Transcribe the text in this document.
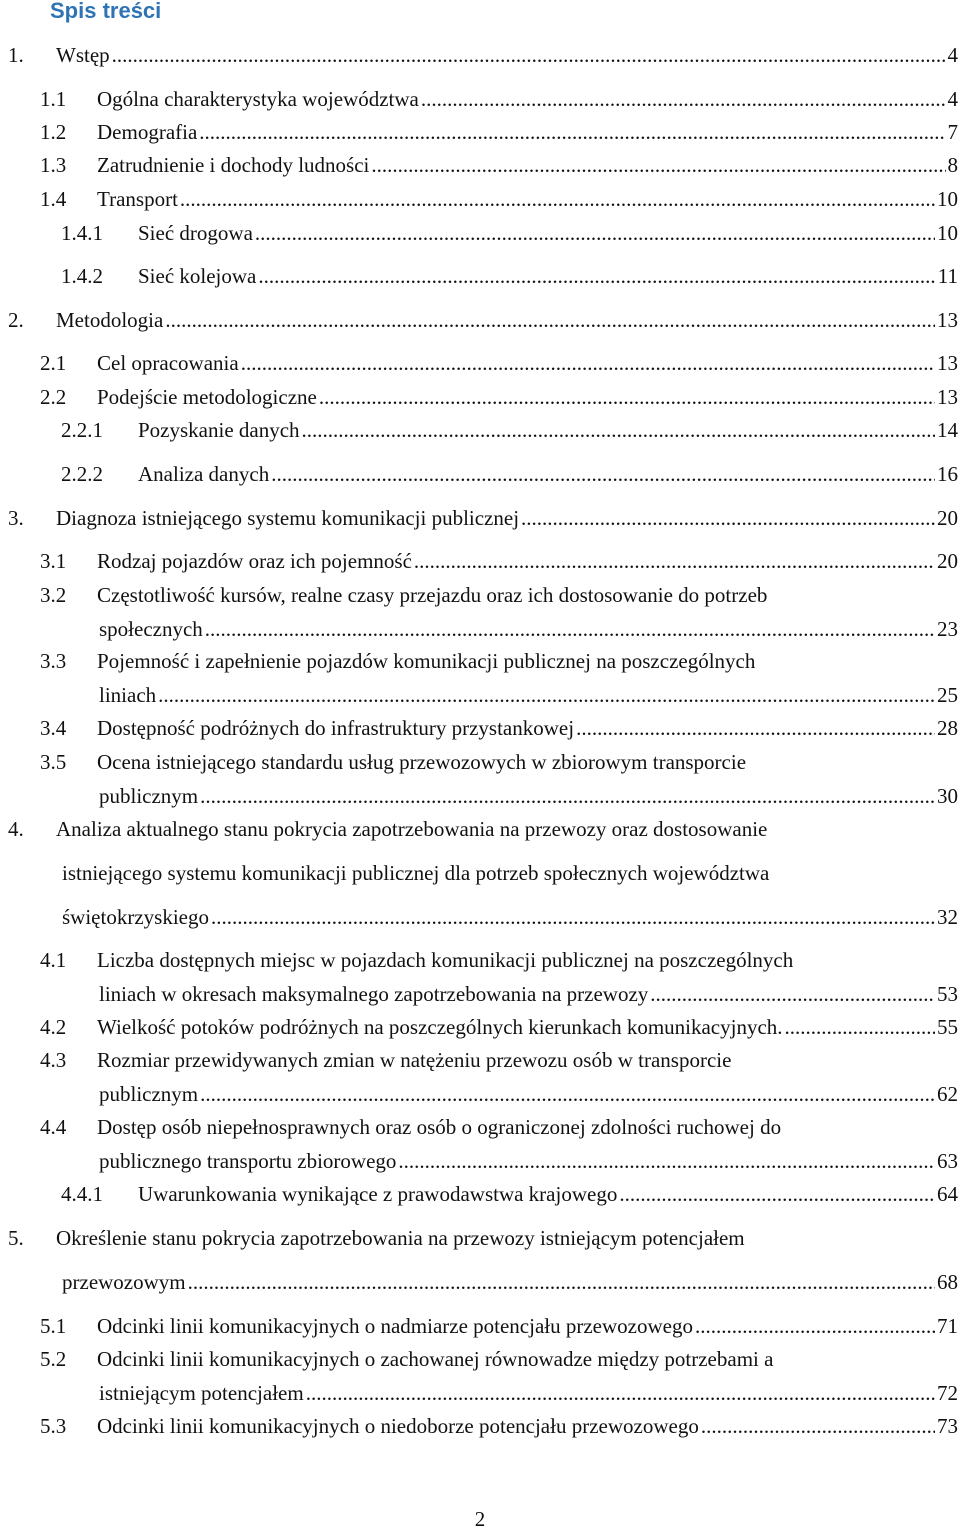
Spis treści
1. Wstęp .....	4
1.1 Ogólna charakterystyka województwa .....	4
1.2 Demografia .....	7
1.3 Zatrudnienie i dochody ludności .....	8
1.4 Transport .....	10
1.4.1 Sieć drogowa .....	10
1.4.2 Sieć kolejowa .....	11
2. Metodologia .....	13
2.1 Cel opracowania .....	13
2.2 Podejście metodologiczne .....	13
2.2.1 Pozyskanie danych .....	14
2.2.2 Analiza danych .....	16
3. Diagnoza istniejącego systemu komunikacji publicznej .....	20
3.1 Rodzaj pojazdów oraz ich pojemność .....	20
3.2 Częstotliwość kursów, realne czasy przejazdu oraz ich dostosowanie do potrzeb
społecznych .....	23
3.3 Pojemność i zapełnienie pojazdów komunikacji publicznej na poszczególnych
liniach .....	25
3.4 Dostępność podróżnych do infrastruktury przystankowej .....	28
3.5 Ocena istniejącego standardu usług przewozowych w zbiorowym transporcie
publicznym .....	30
4. Analiza aktualnego stanu pokrycia zapotrzebowania na przewozy oraz dostosowanie
istniejącego systemu komunikacji publicznej dla potrzeb społecznych województwa
świętokrzyskiego .....	32
4.1 Liczba dostępnych miejsc w pojazdach komunikacji publicznej na poszczególnych
liniach w okresach maksymalnego zapotrzebowania na przewozy .....	53
4.2 Wielkość potoków podróżnych na poszczególnych kierunkach komunikacyjnych. .....	55
4.3 Rozmiar przewidywanych zmian w natężeniu przewozu osób w transporcie
publicznym .....	62
4.4 Dostęp osób niepełnosprawnych oraz osób o ograniczonej zdolności ruchowej do
publicznego transportu zbiorowego .....	63
4.4.1 Uwarunkowania wynikające z prawodawstwa krajowego .....	64
5. Określenie stanu pokrycia zapotrzebowania na przewozy istniejącym potencjałem
przewozowym .....	68
5.1 Odcinki linii komunikacyjnych o nadmiarze potencjału przewozowego .....	71
5.2 Odcinki linii komunikacyjnych o zachowanej równowadze między potrzebami a
istniejącym potencjałem .....	72
5.3 Odcinki linii komunikacyjnych o niedoborze potencjału przewozowego .....	73
2
